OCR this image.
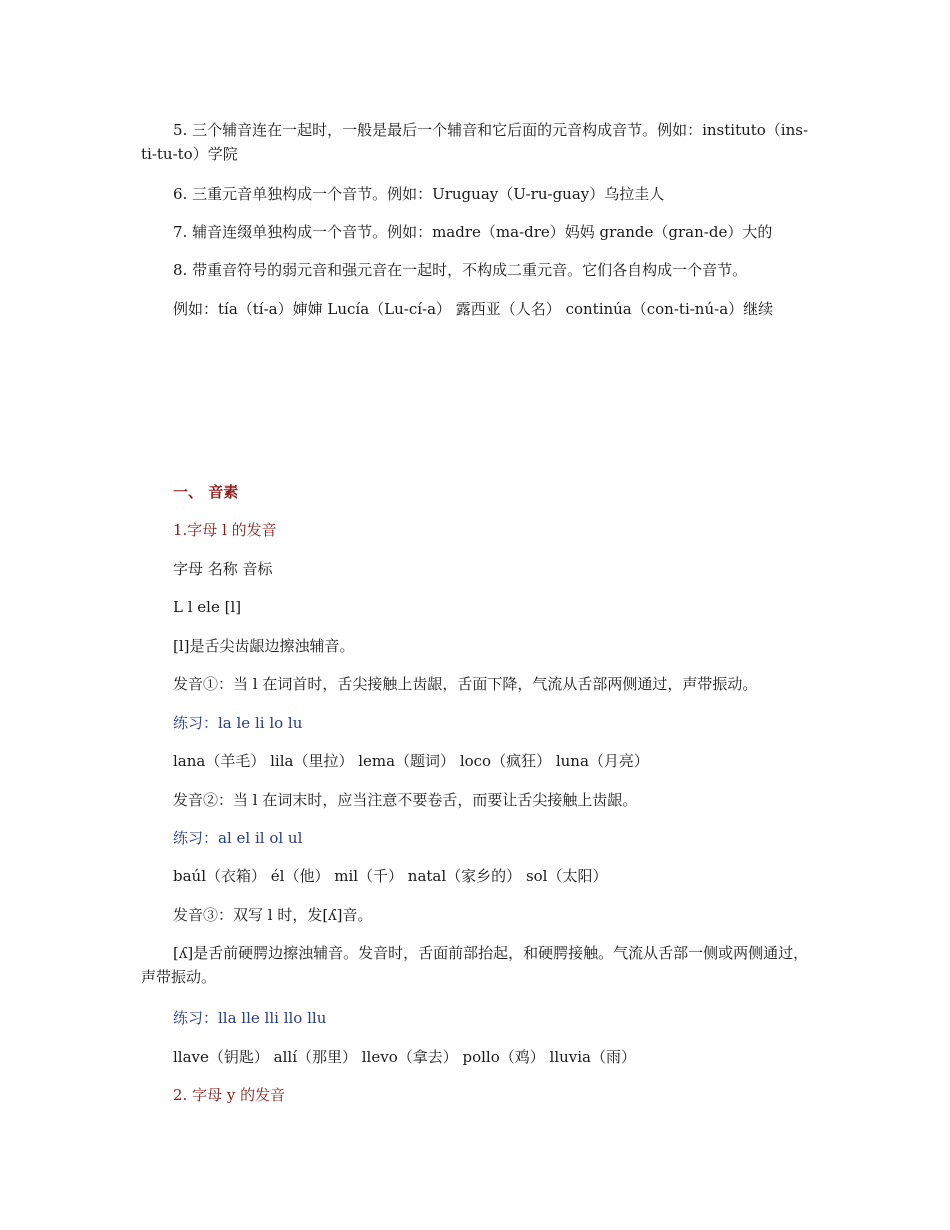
5. 三个辅音连在一起时，一般是最后一个辅音和它后面的元音构成音节。例如：instituto（ins-ti-tu-to）学院

6. 三重元音单独构成一个音节。例如：Uruguay（U-ru-guay）乌拉圭人

7. 辅音连缀单独构成一个音节。例如：madre（ma-dre）妈妈 grande（gran-de）大的

8. 带重音符号的弱元音和强元音在一起时，不构成二重元音。它们各自构成一个音节。

例如：tía（tí-a）婶婶 Lucía（Lu-cí-a） 露西亚（人名） continúa（con-ti-nú-a）继续

一、 音素

1.字母 l 的发音

字母 名称 音标

L l ele [l]

[l]是舌尖齿龈边擦浊辅音。

发音①：当 l 在词首时，舌尖接触上齿龈，舌面下降，气流从舌部两侧通过，声带振动。

练习：la le li lo lu

lana（羊毛） lila（里拉） lema（题词） loco（疯狂） luna（月亮）

发音②：当 l 在词末时，应当注意不要卷舌，而要让舌尖接触上齿龈。

练习：al el il ol ul

baúl（衣箱） él（他） mil（千） natal（家乡的） sol（太阳）

发音③：双写 l 时，发[ʎ]音。

[ʎ]是舌前硬腭边擦浊辅音。发音时，舌面前部抬起，和硬腭接触。气流从舌部一侧或两侧通过，声带振动。

练习：lla lle lli llo llu

llave（钥匙） allí（那里） llevo（拿去） pollo（鸡） lluvia（雨）

2. 字母 y 的发音
